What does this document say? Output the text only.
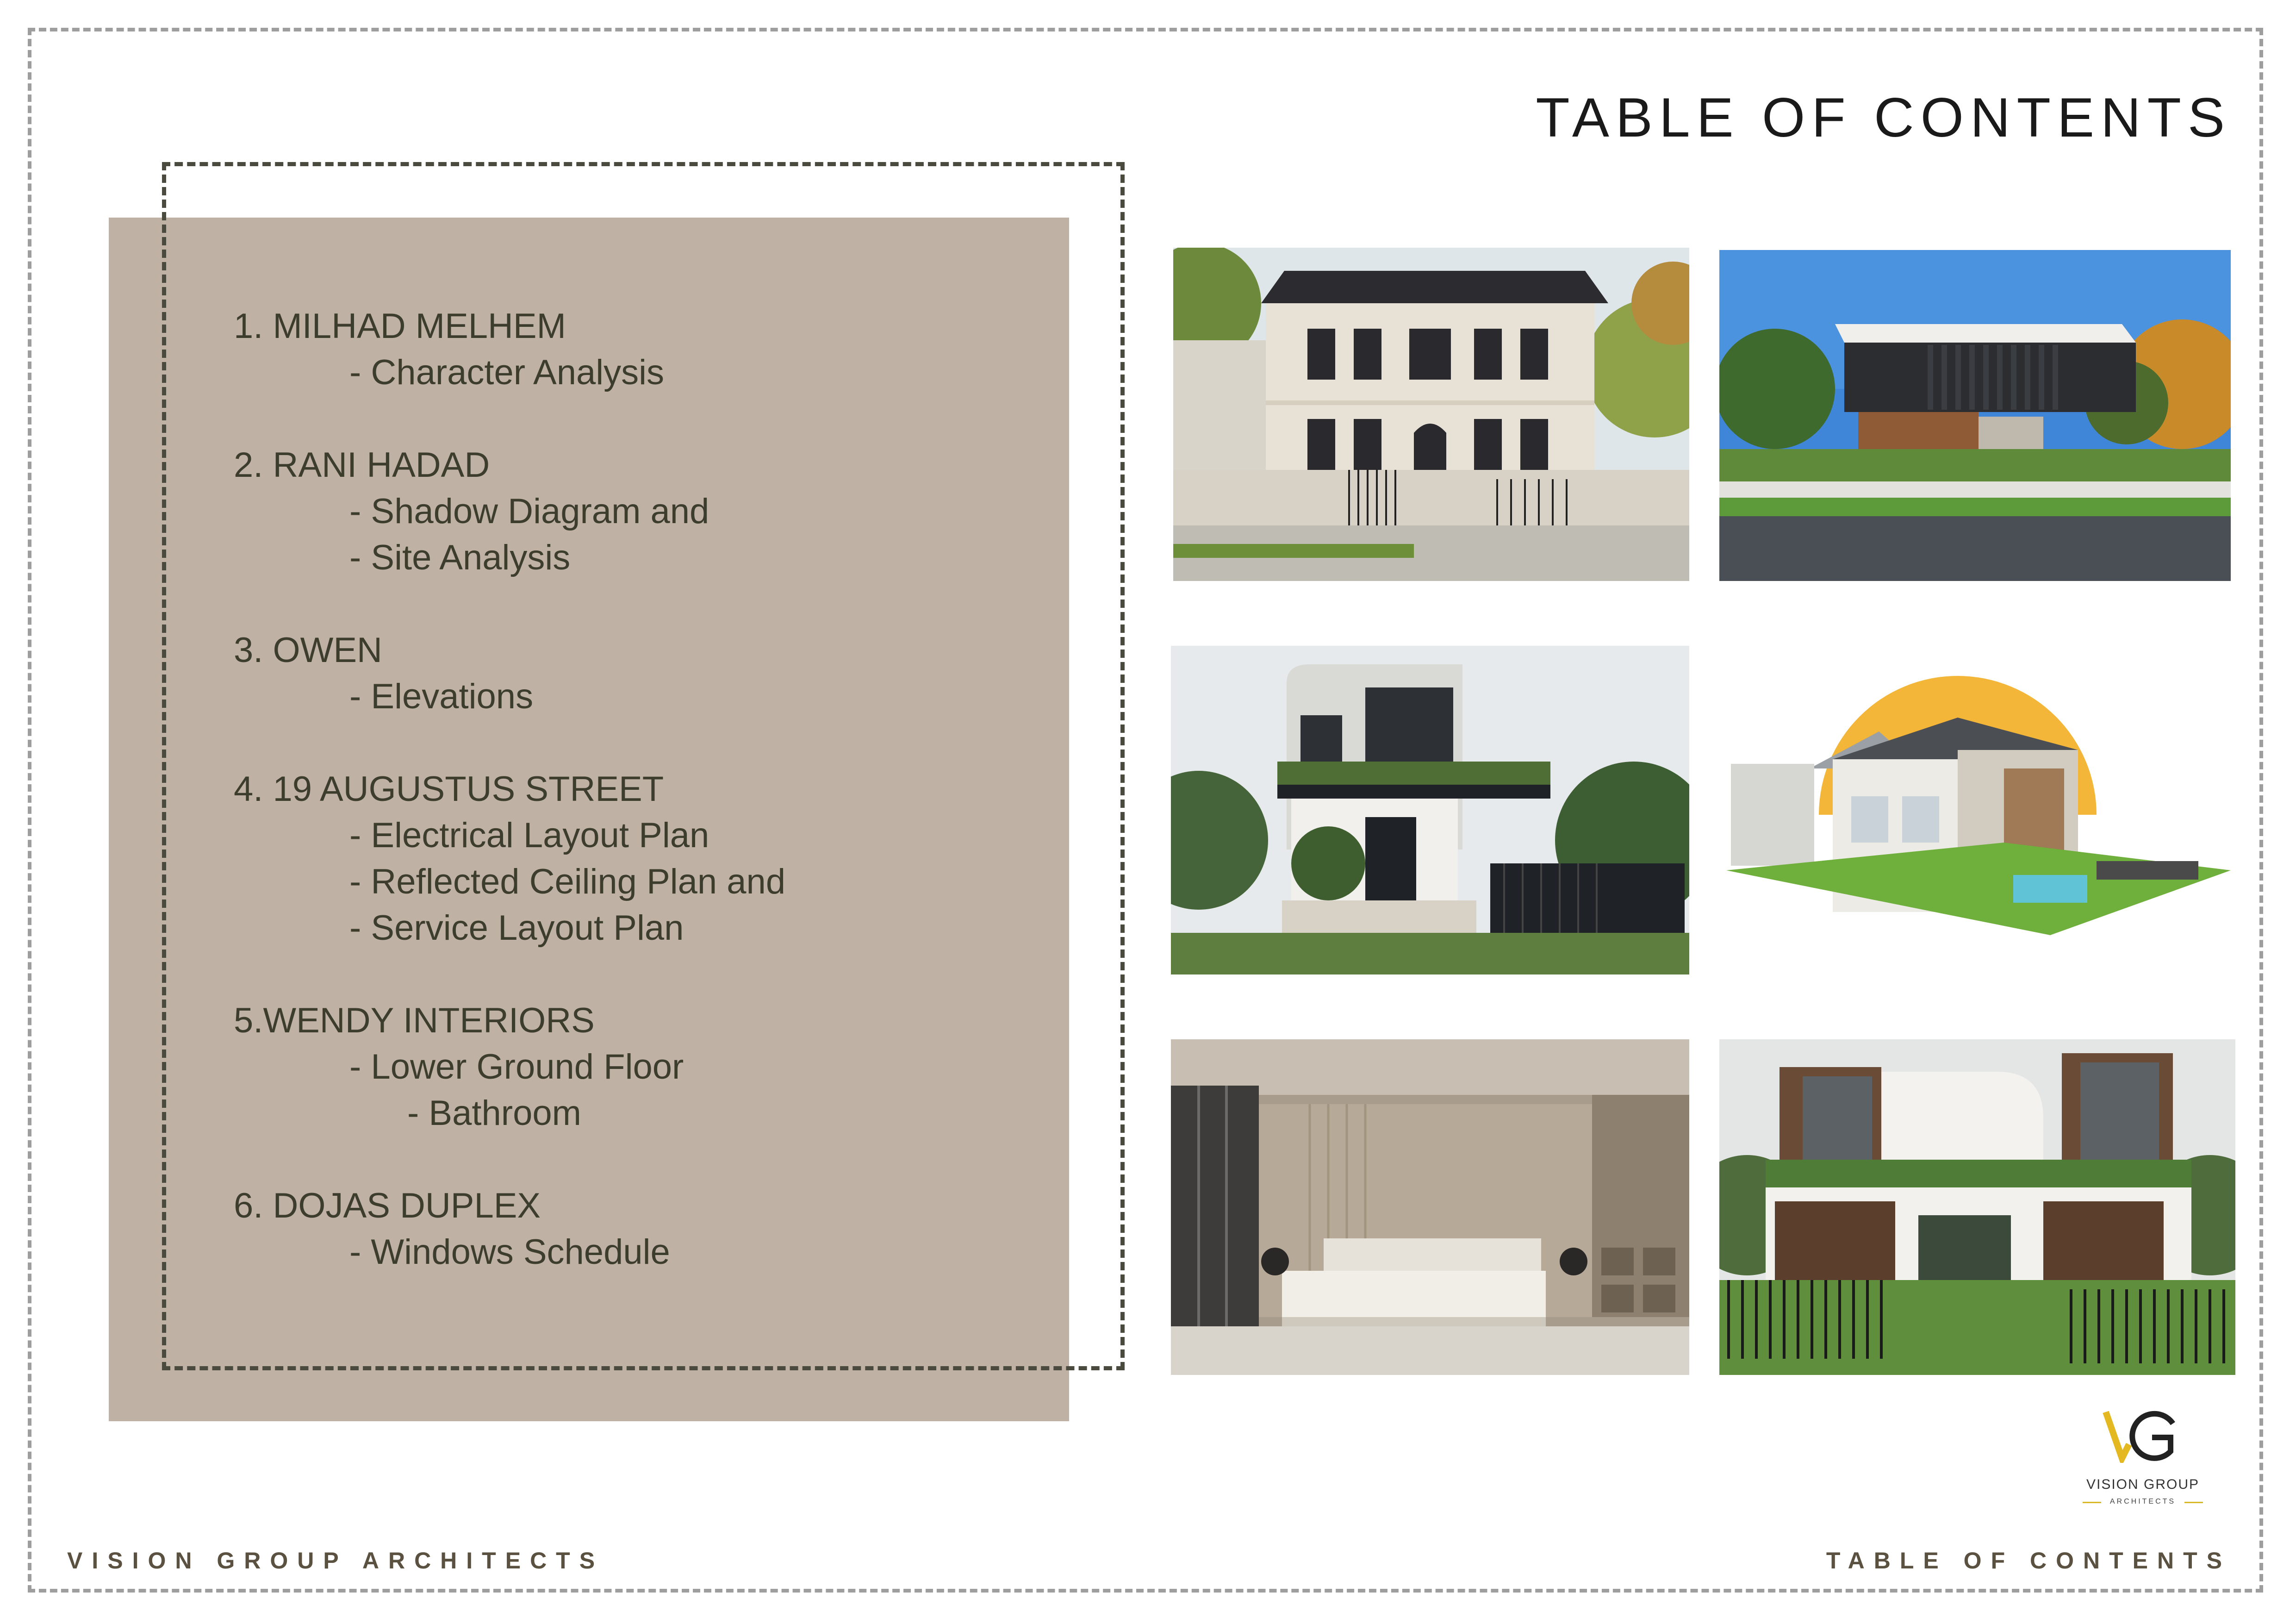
TABLE OF CONTENTS
1. MILHAD MELHEM
- Character Analysis
2. RANI HADAD
- Shadow Diagram and
- Site Analysis
3. OWEN
- Elevations
4. 19 AUGUSTUS STREET
- Electrical Layout Plan
- Reflected Ceiling Plan and
- Service Layout Plan
5.WENDY INTERIORS
- Lower Ground Floor
- Bathroom
6. DOJAS DUPLEX
- Windows Schedule
VISION GROUP
ARCHITECTS
VISION GROUP ARCHITECTS	TABLE OF CONTENTS
